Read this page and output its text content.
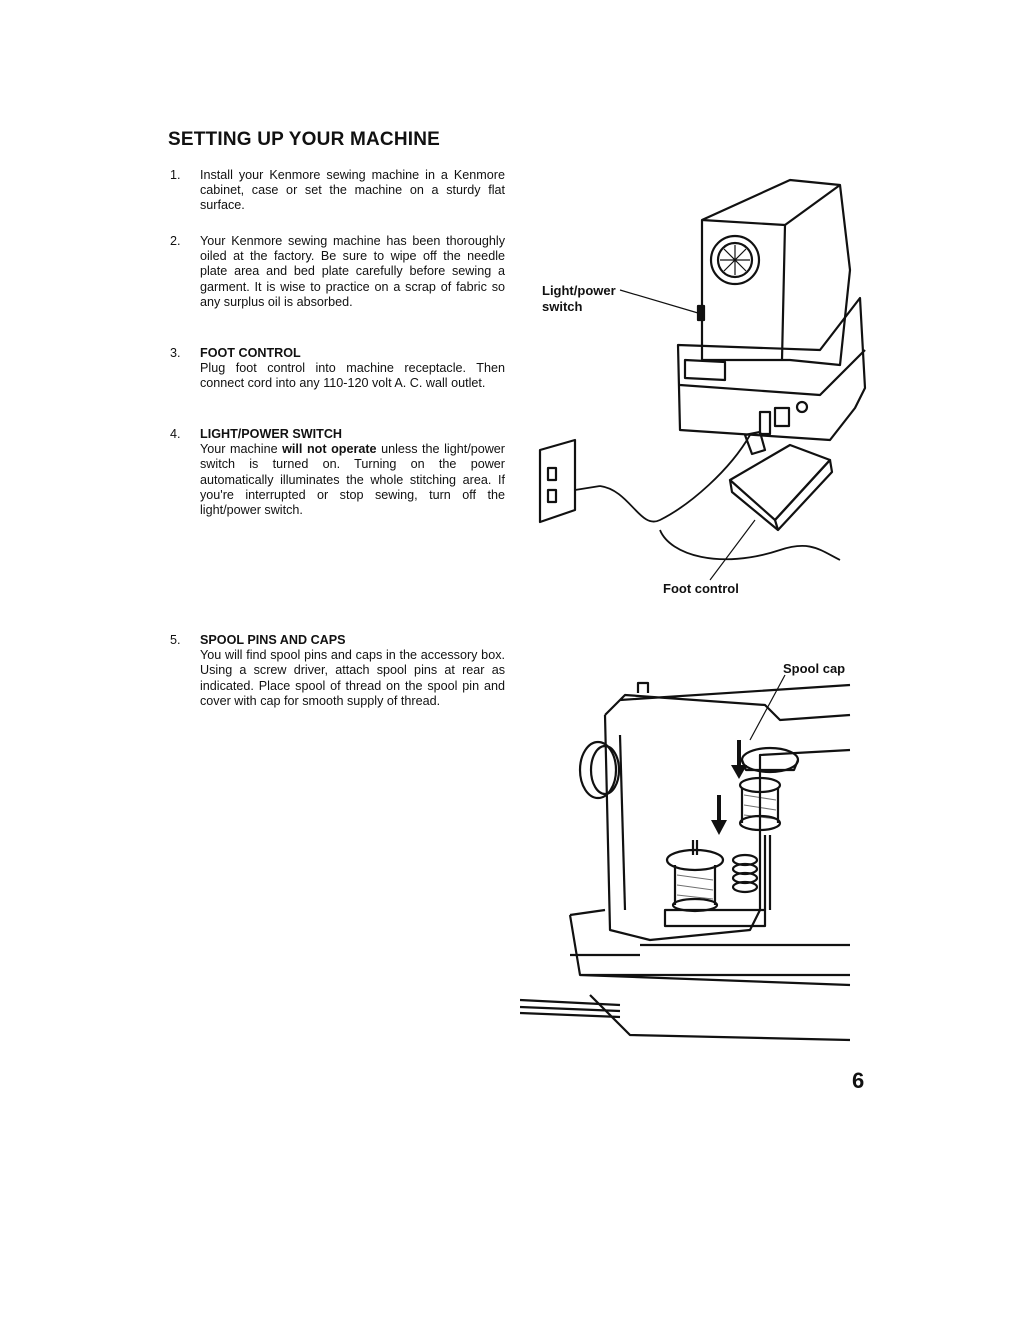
SETTING UP YOUR MACHINE
1.	Install your Kenmore sewing machine in a Kenmore cabinet, case or set the machine on a sturdy flat surface.
2.	Your Kenmore sewing machine has been thoroughly oiled at the factory. Be sure to wipe off the needle plate area and bed plate carefully before sewing a garment. It is wise to practice on a scrap of fabric so any surplus oil is absorbed.
3.	FOOT CONTROL
Plug foot control into machine receptacle. Then connect cord into any 110-120 volt A. C. wall outlet.
4.	LIGHT/POWER SWITCH
Your machine will not operate unless the light/power switch is turned on. Turning on the power automatically illuminates the whole stitching area. If you're interrupted or stop sewing, turn off the light/power switch.
5.	SPOOL PINS AND CAPS
You will find spool pins and caps in the accessory box. Using a screw driver, attach spool pins at rear as indicated. Place spool of thread on the spool pin and cover with cap for smooth supply of thread.
Light/power
switch
Foot control
Spool cap
6
